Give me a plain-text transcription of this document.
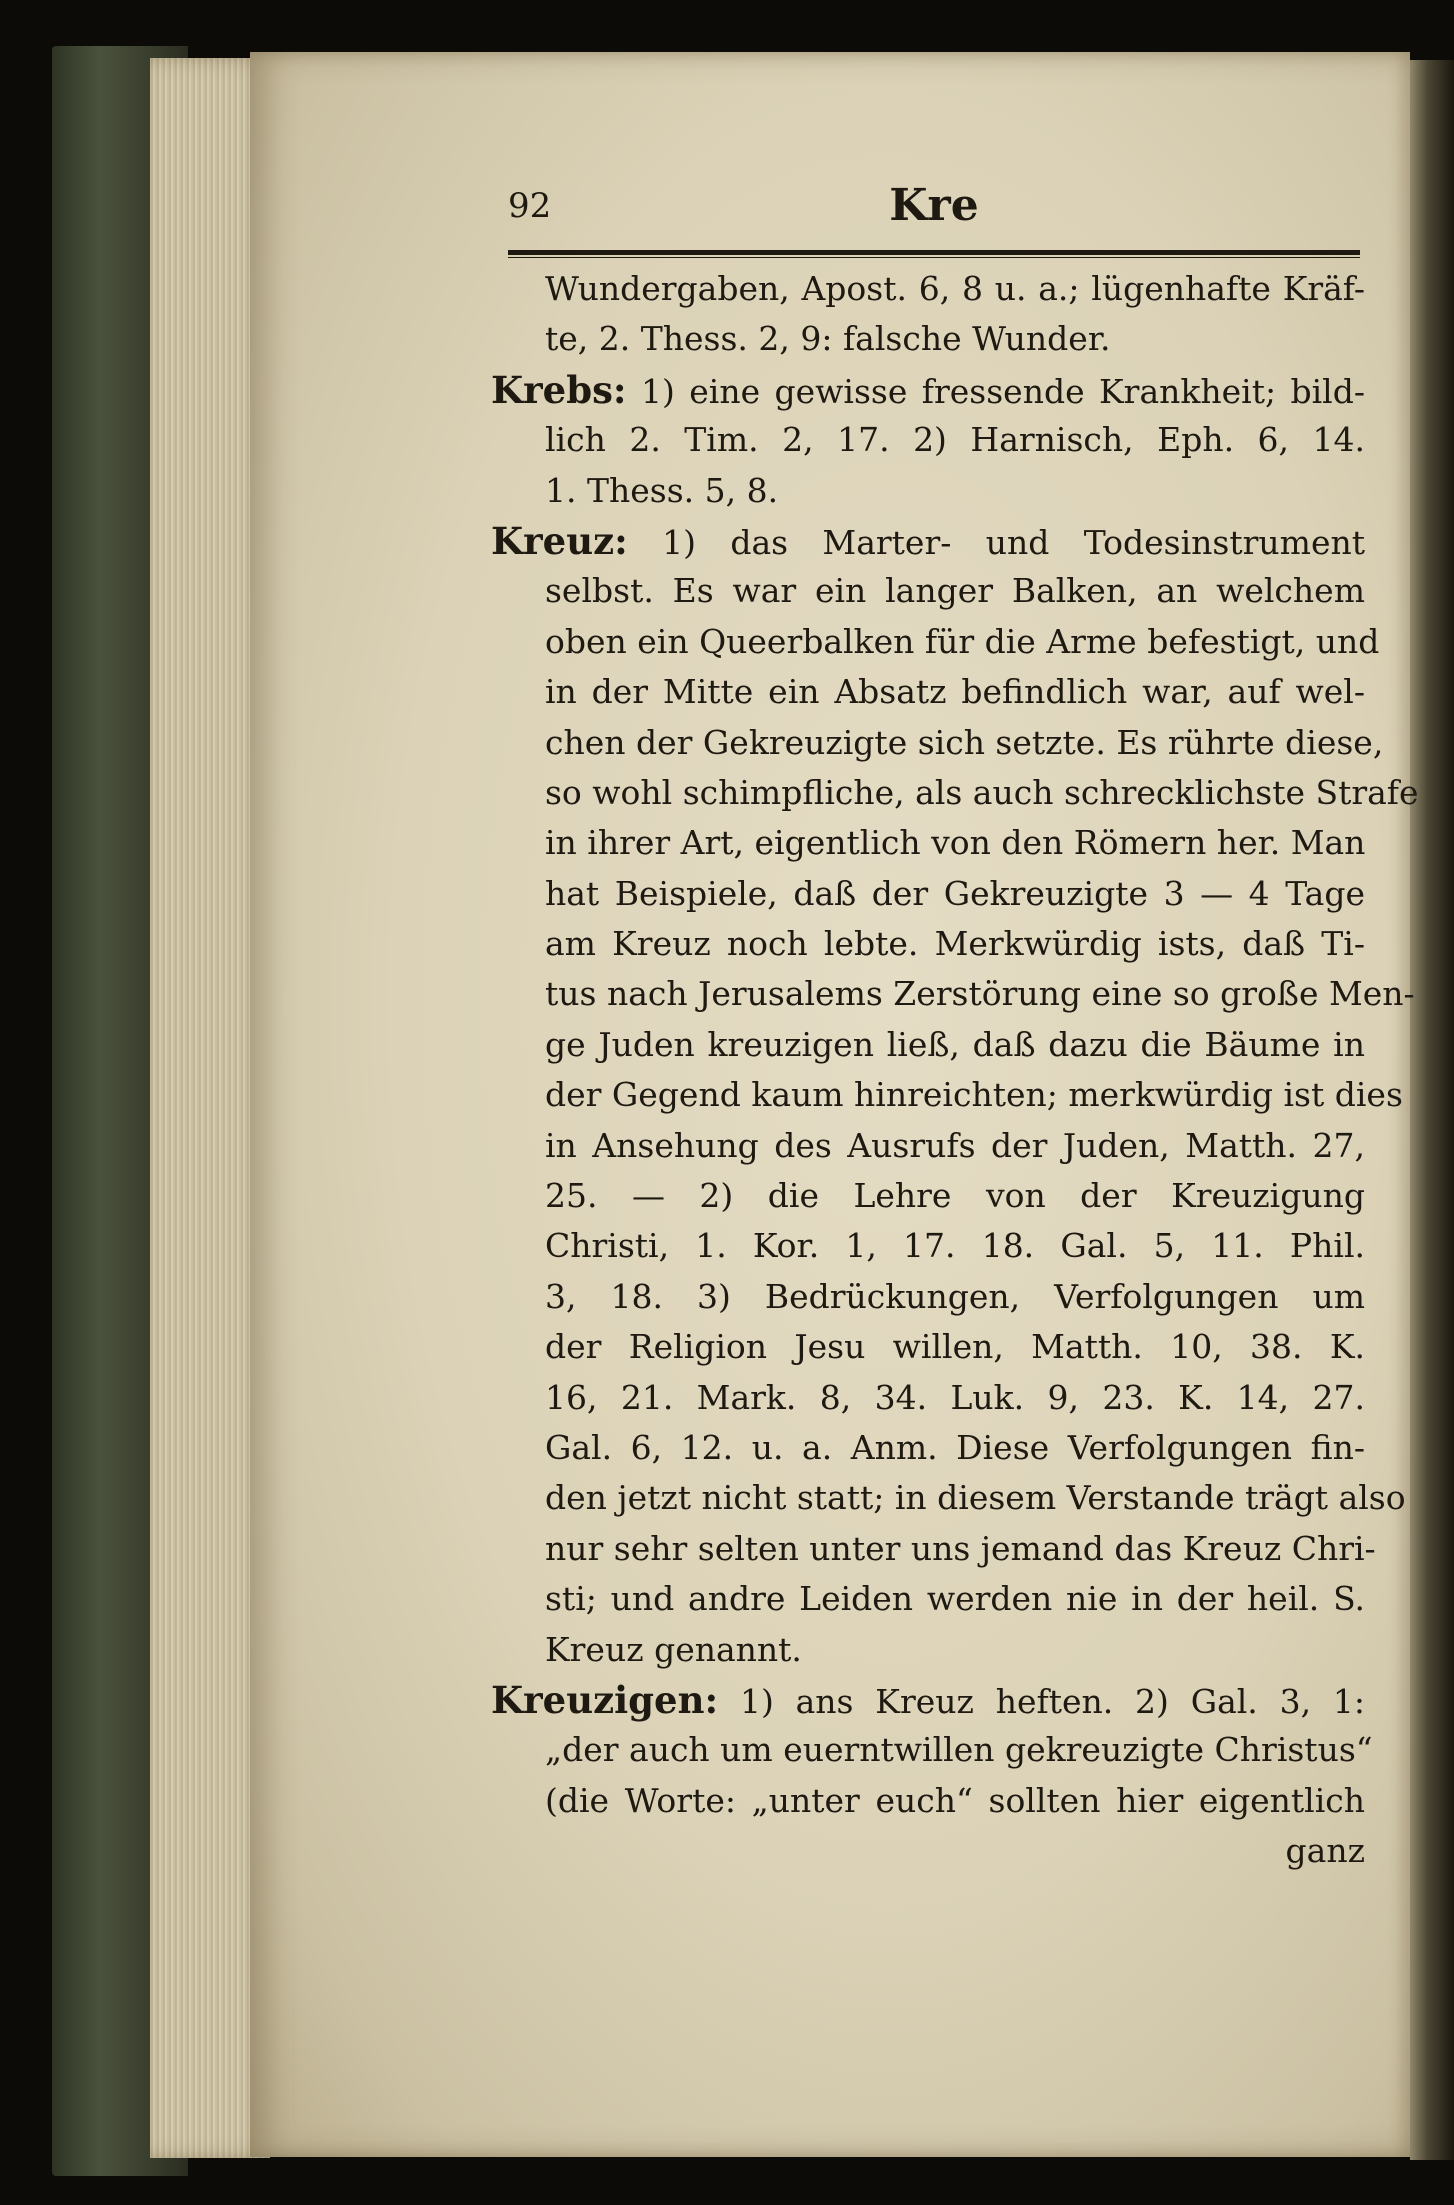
92	Kre
Wundergaben, Apost. 6, 8 u. a.; lügenhafte Kräf-
te, 2. Thess. 2, 9: falsche Wunder.
Krebs: 1) eine gewisse fressende Krankheit; bild-
lich 2. Tim. 2, 17. 2) Harnisch, Eph. 6, 14.
1. Thess. 5, 8.
Kreuz: 1) das Marter- und Todesinstrument
selbst. Es war ein langer Balken, an welchem
oben ein Queerbalken für die Arme befestigt, und
in der Mitte ein Absatz befindlich war, auf wel-
chen der Gekreuzigte sich setzte. Es rührte diese,
so wohl schimpfliche, als auch schrecklichste Strafe
in ihrer Art, eigentlich von den Römern her. Man
hat Beispiele, daß der Gekreuzigte 3 — 4 Tage
am Kreuz noch lebte. Merkwürdig ists, daß Ti-
tus nach Jerusalems Zerstörung eine so große Men-
ge Juden kreuzigen ließ, daß dazu die Bäume in
der Gegend kaum hinreichten; merkwürdig ist dies
in Ansehung des Ausrufs der Juden, Matth. 27,
25. — 2) die Lehre von der Kreuzigung
Christi, 1. Kor. 1, 17. 18. Gal. 5, 11. Phil.
3, 18. 3) Bedrückungen, Verfolgungen um
der Religion Jesu willen, Matth. 10, 38. K.
16, 21. Mark. 8, 34. Luk. 9, 23. K. 14, 27.
Gal. 6, 12. u. a. Anm. Diese Verfolgungen fin-
den jetzt nicht statt; in diesem Verstande trägt also
nur sehr selten unter uns jemand das Kreuz Chri-
sti; und andre Leiden werden nie in der heil. S.
Kreuz genannt.
Kreuzigen: 1) ans Kreuz heften. 2) Gal. 3, 1:
„der auch um euerntwillen gekreuzigte Christus“
(die Worte: „unter euch“ sollten hier eigentlich
ganz
